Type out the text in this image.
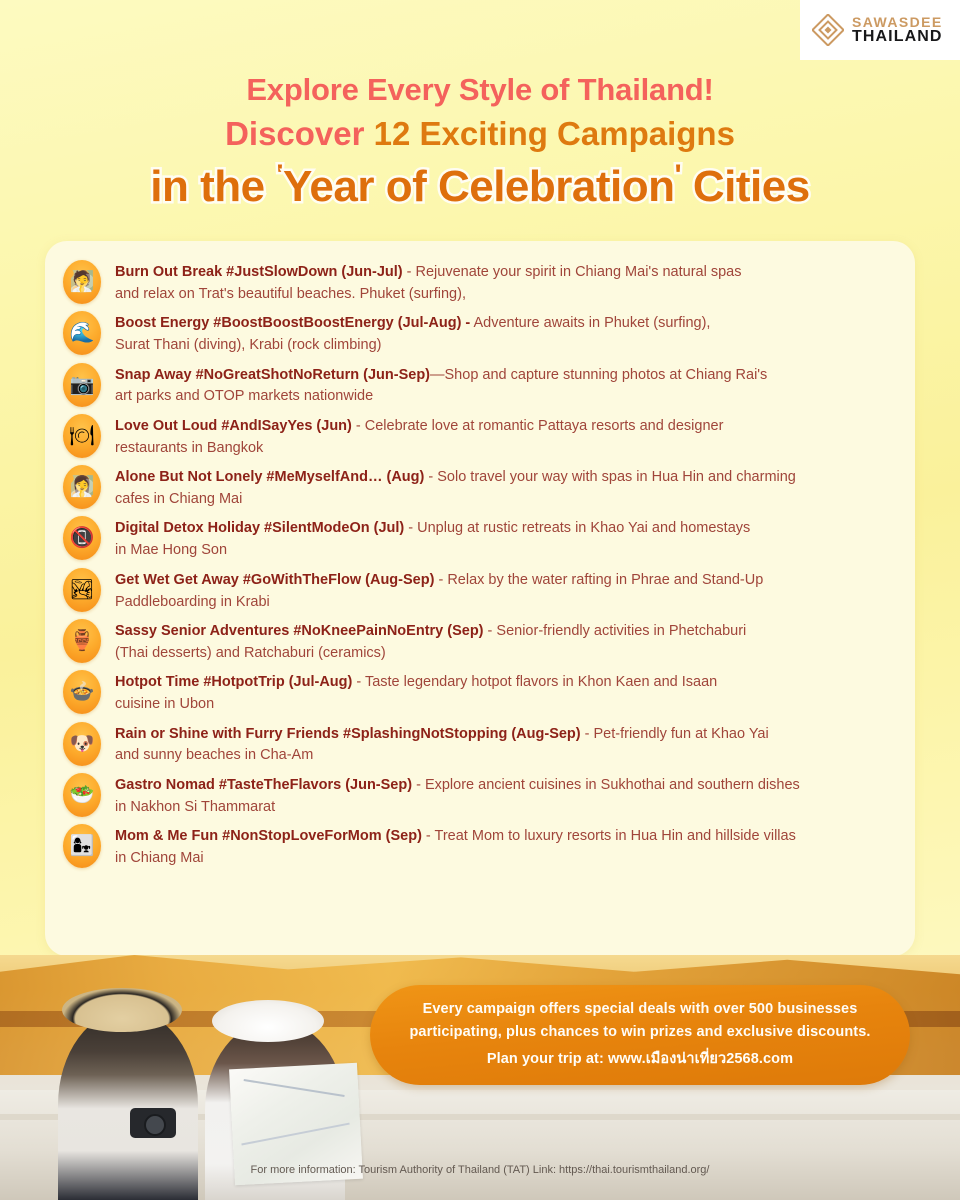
SAWASDEE
THAILAND
Explore Every Style of Thailand!
Discover 12 Exciting Campaigns
in the 'Year of Celebration' Cities
🧖	Burn Out Break #JustSlowDown (Jun-Jul) - Rejuvenate your spirit in Chiang Mai's natural spas
and relax on Trat's beautiful beaches. Phuket (surfing),
🌊	Boost Energy #BoostBoostBoostEnergy (Jul-Aug) - Adventure awaits in Phuket (surfing),
Surat Thani (diving), Krabi (rock climbing)
📷	Snap Away #NoGreatShotNoReturn (Jun-Sep)—Shop and capture stunning photos at Chiang Rai's
art parks and OTOP markets nationwide
🍽	Love Out Loud #AndISayYes (Jun) - Celebrate love at romantic Pattaya resorts and designer
restaurants in Bangkok
🧖‍♀️	Alone But Not Lonely #MeMyselfAnd… (Aug) - Solo travel your way with spas in Hua Hin and charming
cafes in Chiang Mai
📵	Digital Detox Holiday #SilentModeOn (Jul) - Unplug at rustic retreats in Khao Yai and homestays
in Mae Hong Son
🏞	Get Wet Get Away #GoWithTheFlow (Aug-Sep) - Relax by the water rafting in Phrae and Stand-Up
Paddleboarding in Krabi
🏺	Sassy Senior Adventures #NoKneePainNoEntry (Sep) - Senior-friendly activities in Phetchaburi
(Thai desserts) and Ratchaburi (ceramics)
🍲	Hotpot Time #HotpotTrip (Jul-Aug) - Taste legendary hotpot flavors in Khon Kaen and Isaan
cuisine in Ubon
🐶	Rain or Shine with Furry Friends #SplashingNotStopping (Aug-Sep) - Pet-friendly fun at Khao Yai
and sunny beaches in Cha-Am
🥗	Gastro Nomad #TasteTheFlavors (Jun-Sep) - Explore ancient cuisines in Sukhothai and southern dishes
in Nakhon Si Thammarat
👩‍👧	Mom & Me Fun #NonStopLoveForMom (Sep) - Treat Mom to luxury resorts in Hua Hin and hillside villas
in Chiang Mai
Every campaign offers special deals with over 500 businesses
participating, plus chances to win prizes and exclusive discounts.
Plan your trip at: www.เมืองน่าเที่ยว2568.com
For more information: Tourism Authority of Thailand (TAT) Link: https://thai.tourismthailand.org/
